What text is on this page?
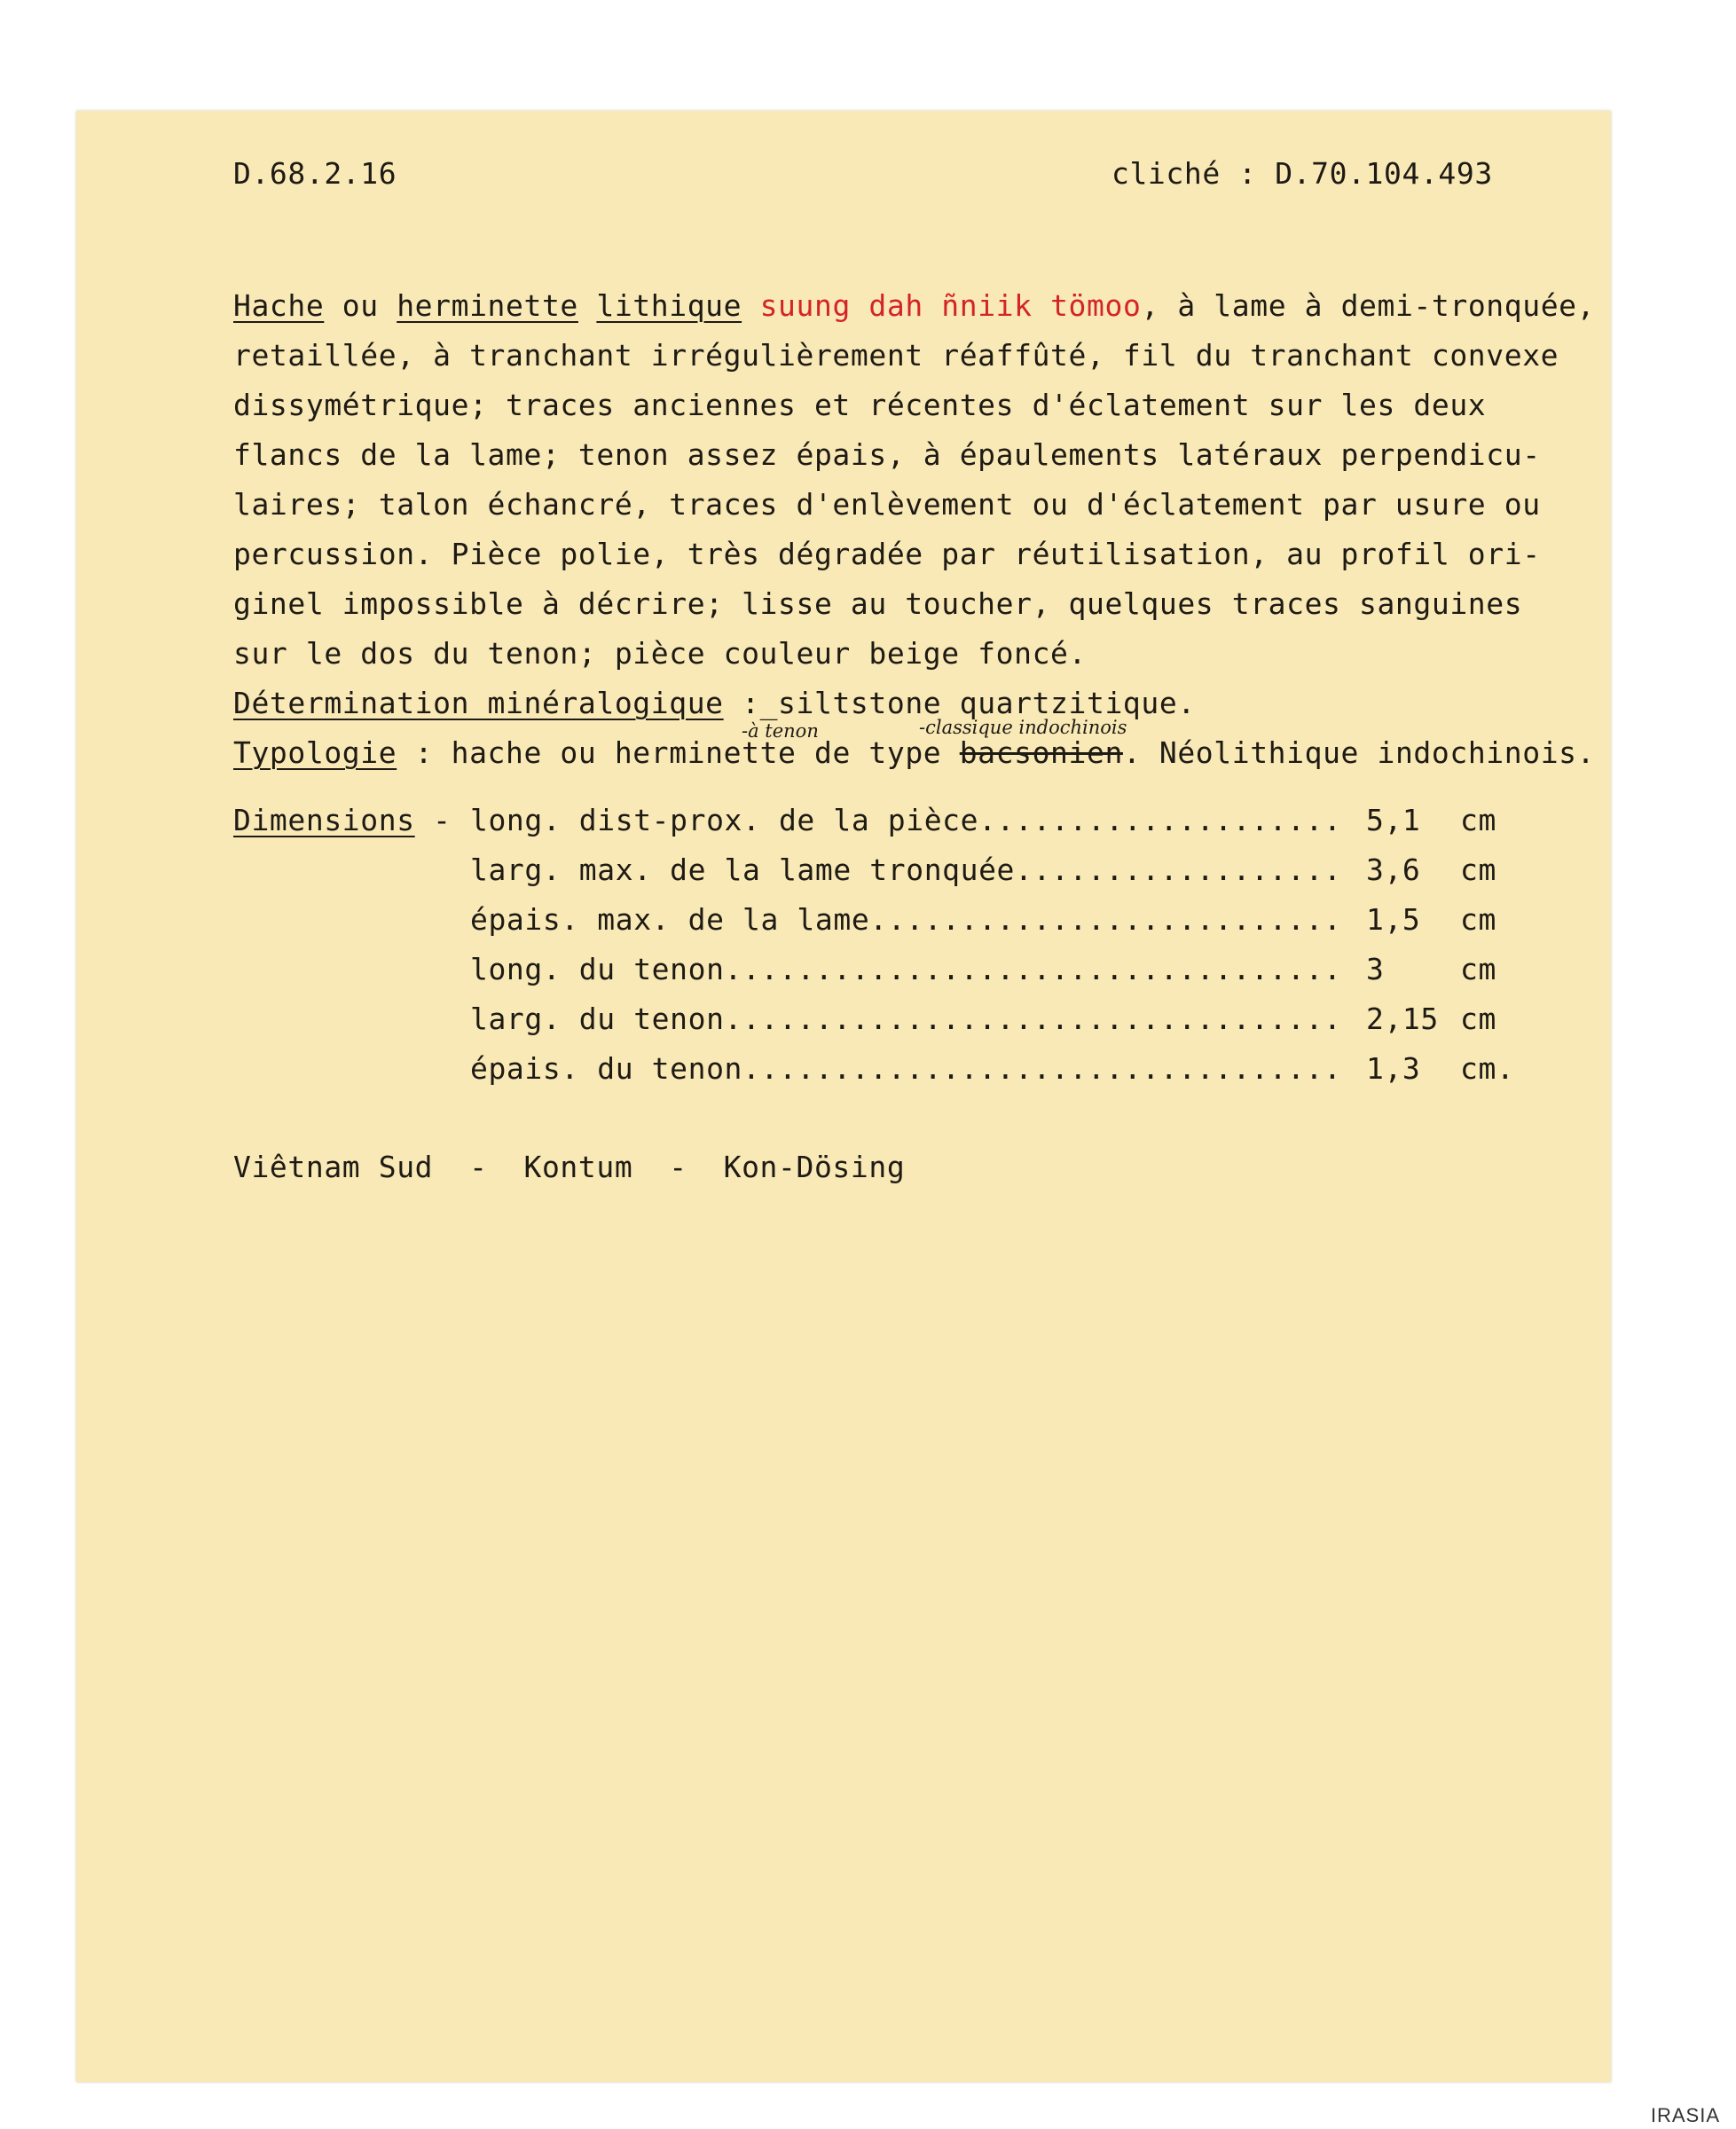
D.68.2.16	cliché : D.70.104.493
Hache ou herminette lithique suung dah ñniik tömoo, à lame à demi-tronquée,
retaillée, à tranchant irrégulièrement réaffûté, fil du tranchant convexe
dissymétrique; traces anciennes et récentes d'éclatement sur les deux
flancs de la lame; tenon assez épais, à épaulements latéraux perpendicu-
laires; talon échancré, traces d'enlèvement ou d'éclatement par usure ou
percussion. Pièce polie, très dégradée par réutilisation, au profil ori-
ginel impossible à décrire; lisse au toucher, quelques traces sanguines
sur le dos du tenon; pièce couleur beige foncé.
Détermination minéralogique :_siltstone quartzitique.
-à tenon	-classique indochinois
Typologie : hache ou herminette de type bacsonien. Néolithique indochinois.
Dimensions - long. dist-prox. de la pièce.................... 5,1 cm
larg. max. de la lame tronquée.................. 3,6 cm
épais. max. de la lame.......................... 1,5 cm
long. du tenon.................................. 3	cm
larg. du tenon.................................. 2,15 cm
épais. du tenon................................. 1,3 cm.
Viêtnam Sud  -  Kontum  -  Kon-Dösing
IRASIA
